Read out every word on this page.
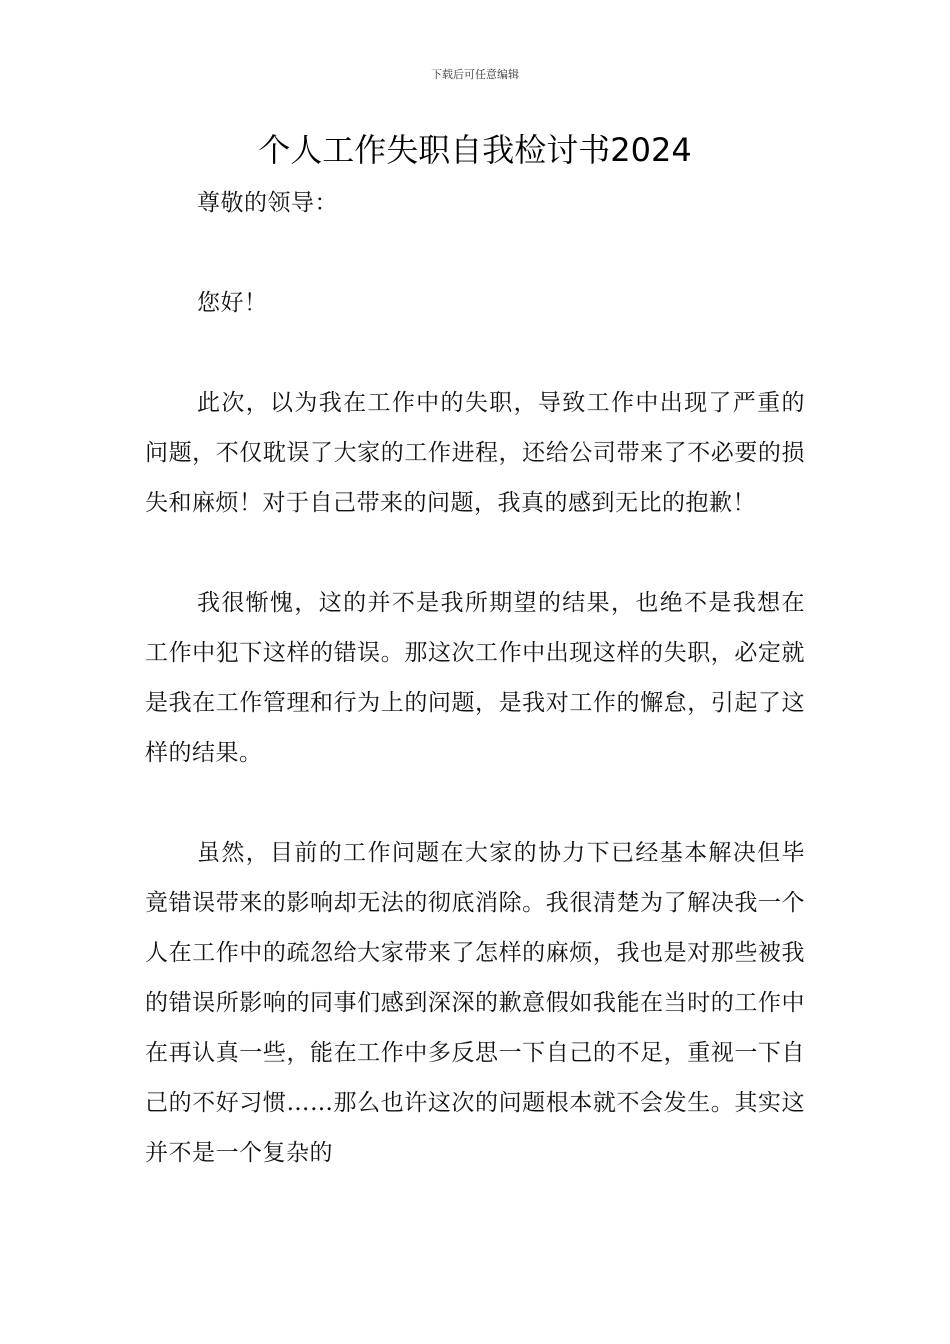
下载后可任意编辑
个人工作失职自我检讨书2024

尊敬的领导：

您好！

此次，以为我在工作中的失职，导致工作中出现了严重的问题，不仅耽误了大家的工作进程，还给公司带来了不必要的损失和麻烦！对于自己带来的问题，我真的感到无比的抱歉！

我很惭愧，这的并不是我所期望的结果，也绝不是我想在工作中犯下这样的错误。那这次工作中出现这样的失职，必定就是我在工作管理和行为上的问题，是我对工作的懈怠，引起了这样的结果。

虽然，目前的工作问题在大家的协力下已经基本解决但毕竟错误带来的影响却无法的彻底消除。我很清楚为了解决我一个人在工作中的疏忽给大家带来了怎样的麻烦，我也是对那些被我的错误所影响的同事们感到深深的歉意假如我能在当时的工作中在再认真一些，能在工作中多反思一下自己的不足，重视一下自己的不好习惯……那么也许这次的问题根本就不会发生。其实这并不是一个复杂的
